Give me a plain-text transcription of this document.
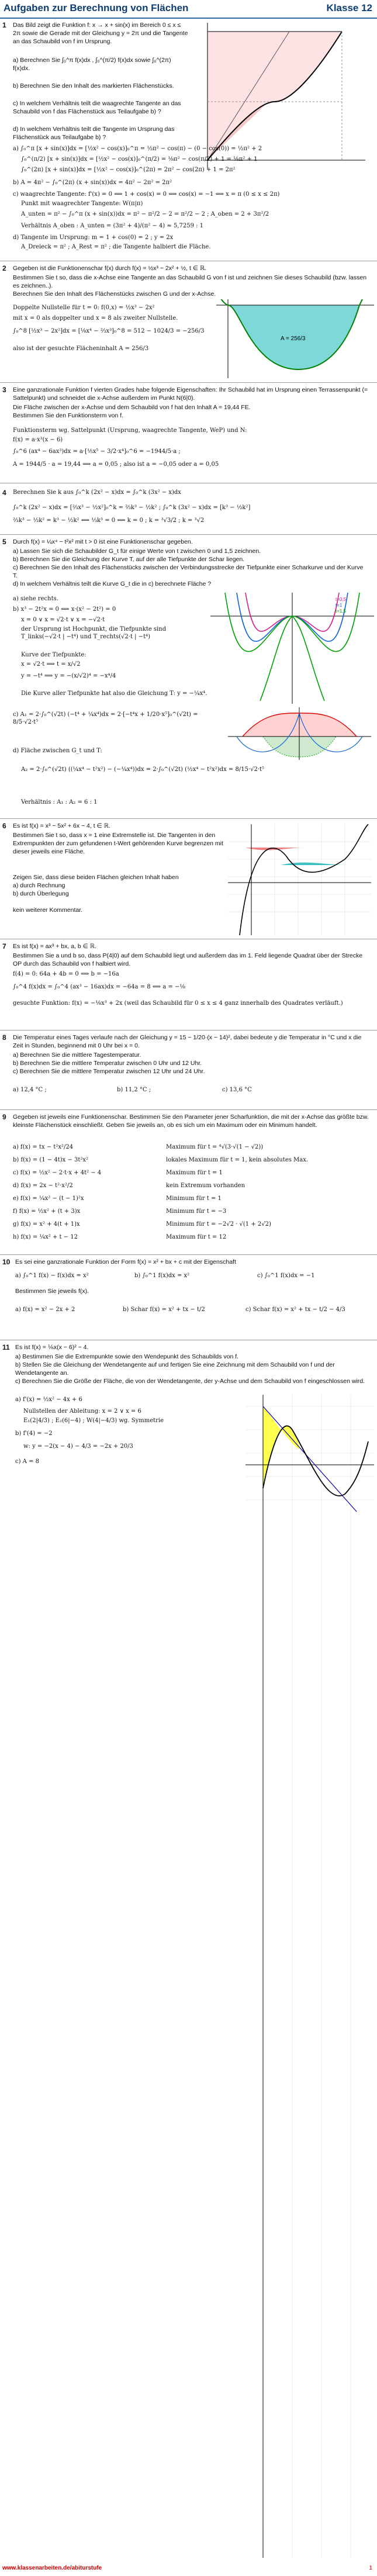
Aufgaben zur Berechnung von Flächen	Klasse 12
1 Das Bild zeigt die Funktion f: x → x + sin(x) im Bereich 0 ≤ x ≤ 2π sowie die Gerade mit der Gleichung y = 2π und die Tangente an das Schaubild von f im Ursprung.
a) Berechnen Sie ∫₀^π f(x)dx , ∫₀^(π/2) f(x)dx sowie ∫₀^(2π) f(x)dx.
b) Berechnen Sie den Inhalt des markierten Flächenstücks.
c) In welchem Verhältnis teilt die waagrechte Tangente an das Schaubild von f das Flächenstück aus Teilaufgabe b) ?
d) In welchem Verhältnis teilt die Tangente im Ursprung das Flächenstück aus Teilaufgabe b) ?
a) ∫₀^π [x + sin(x)]dx = [½x² − cos(x)]₀^π = ½π² − cos(π) − (0 − cos(0)) = ½π² + 2
∫₀^(π/2) [x + sin(x)]dx = [½x² − cos(x)]₀^(π/2) = ⅛π² − cos(π/2) + 1 = ⅛π² + 1
∫₀^(2π) [x + sin(x)]dx = [½x² − cos(x)]₀^(2π) = 2π² − cos(2π) + 1 = 2π²
b) A = 4π² − ∫₀^(2π) (x + sin(x))dx = 4π² − 2π² = 2π²
c) waagrechte Tangente: f'(x) = 0 ⟺ 1 + cos(x) = 0 ⟺ cos(x) = −1 ⟺ x = π (0 ≤ x ≤ 2π)
Punkt mit waagrechter Tangente: W(π|π)
A_unten = π² − ∫₀^π (x + sin(x))dx = π² − π²/2 − 2 = π²/2 − 2 ; A_oben = 2 + 3π²/2
Verhältnis A_oben : A_unten = (3π² + 4)/(π² − 4) ≈ 5,7259 : 1
d) Tangente im Ursprung: m = 1 + cos(0) = 2 ; y = 2x
A_Dreieck = π² ; A_Rest = π² ; die Tangente halbiert die Fläche.
2 Gegeben ist die Funktionenschar f(x) durch f(x) = ½x³ − 2x² + ½, t ∈ ℝ.
Bestimmen Sie t so, dass die x-Achse eine Tangente an das Schaubild G von f ist und zeichnen Sie dieses Schaubild (bzw. lassen es zeichnen..).
Berechnen Sie den Inhalt des Flächenstücks zwischen G und der x-Achse.
Doppelte Nullstelle für t = 0: f(0,x) = ½x³ − 2x²
mit x = 0 als doppelter und x = 8 als zweiter Nullstelle.
∫₀^8 [½x³ − 2x²]dx = [⅛x⁴ − ⅔x³]₀^8 = 512 − 1024/3 = −256/3
also ist der gesuchte Flächeninhalt A = 256/3
A = 256/3
3 Eine ganzrationale Funktion f vierten Grades habe folgende Eigenschaften: Ihr Schaubild hat im Ursprung einen Terrassenpunkt (= Sattelpunkt) und schneidet die x-Achse außerdem im Punkt N(6|0).
Die Fläche zwischen der x-Achse und dem Schaubild von f hat den Inhalt A = 19,44 FE.
Bestimmen Sie den Funktionsterm von f.
Funktionsterm wg. Sattelpunkt (Ursprung, waagrechte Tangente, WeP) und N:
f(x) = a·x³(x − 6)
∫₀^6 (ax⁴ − 6ax³)dx = a·[⅕x⁵ − 3/2·x⁴]₀^6 = −1944/5·a ;
A = 1944/5 · a = 19,44 ⟹ a = 0,05 ; also ist a = −0,05 oder a = 0,05
4 Berechnen Sie k aus ∫₀^k (2x² − x)dx = ∫₀^k (3x² − x)dx
∫₀^k (2x² − x)dx = [⅔x³ − ½x²]₀^k = ⅔k³ − ½k² ; ∫₀^k (3x² − x)dx = [k³ − ½k²]
⅔k³ − ½k² = k³ − ½k² ⟺ ⅓k³ = 0 ⟺ k = 0 ; k = ³√3/2 ; k = ³√2
5 Durch f(x) = ¼x⁴ − t²x² mit t > 0 ist eine Funktionenschar gegeben.
a) Lassen Sie sich die Schaubilder G_t für einige Werte von t zwischen 0 und 1,5 zeichnen.
b) Berechnen Sie die Gleichung der Kurve T, auf der alle Tiefpunkte der Schar liegen.
c) Berechnen Sie den Inhalt des Flächenstücks zwischen der Verbindungsstrecke der Tiefpunkte einer Scharkurve und der Kurve T.
d) In welchem Verhältnis teilt die Kurve G_t die in c) berechnete Fläche ?
a) siehe rechts.
b) x³ − 2t²x = 0 ⟺ x·(x² − 2t²) = 0
x = 0 ∨ x = √2·t ∨ x = −√2·t
der Ursprung ist Hochpunkt, die Tiefpunkte sind T_links(−√2·t | −t⁴) und T_rechts(√2·t | −t⁴)
Kurve der Tiefpunkte:
x = √2·t ⟹ t = x/√2
y = −t⁴ ⟹ y = −(x/√2)⁴ = −x⁴/4
Die Kurve aller Tiefpunkte hat also die Gleichung T: y = −¼x⁴.
t=0,5
t=1
t=1,5
c) A₁ = 2·∫₀^(√2t) (−t⁴ + ¼x⁴)dx = 2·[−t⁴x + 1/20·x⁵]₀^(√2t) = 8/5·√2·t⁵
d) Fläche zwischen G_t und T:
A₂ = 2·∫₀^(√2t) ((¼x⁴ − t²x²) − (−¼x⁴))dx = 2·∫₀^(√2t) (½x⁴ − t²x²)dx = 8/15·√2·t⁵
Verhältnis : A₁ : A₂ = 6 : 1
6 Es ist f(x) = x³ − 5x² + 6x − 4, t ∈ ℝ.
Bestimmen Sie t so, dass x = 1 eine Extremstelle ist. Die Tangenten in den Extrempunkten der zum gefundenen t-Wert gehörenden Kurve begrenzen mit dieser jeweils eine Fläche.
Zeigen Sie, dass diese beiden Flächen gleichen Inhalt haben
a) durch Rechnung
b) durch Überlegung
kein weiterer Kommentar.
7 Es ist f(x) = ax³ + bx, a, b ∈ ℝ.
Bestimmen Sie a und b so, dass P(4|0) auf dem Schaubild liegt und außerdem das im 1. Feld liegende Quadrat über der Strecke OP durch das Schaubild von f halbiert wird.
f(4) = 0: 64a + 4b = 0 ⟺ b = −16a
∫₀^4 f(x)dx = ∫₀^4 (ax³ − 16ax)dx = −64a = 8 ⟺ a = −⅛
gesuchte Funktion: f(x) = −⅛x³ + 2x (weil das Schaubild für 0 ≤ x ≤ 4 ganz innerhalb des Quadrates verläuft.)
8 Die Temperatur eines Tages verlaufe nach der Gleichung y = 15 − 1/20·(x − 14)², dabei bedeute y die Temperatur in °C und x die Zeit in Stunden, beginnend mit 0 Uhr bei x = 0.
a) Berechnen Sie die mittlere Tagestemperatur.
b) Berechnen Sie die mittlere Temperatur zwischen 0 Uhr und 12 Uhr.
c) Berechnen Sie die mittlere Temperatur zwischen 12 Uhr und 24 Uhr.
a) 12,4 °C ;	b) 11,2 °C ;	c) 13,6 °C
9 Gegeben ist jeweils eine Funktionenschar. Bestimmen Sie den Parameter jener Scharfunktion, die mit der x-Achse das größte bzw. kleinste Flächenstück einschließt. Geben Sie jeweils an, ob es sich um ein Maximum oder ein Minimum handelt.
a) f(x) = tx − t²x²/24	Maximum für t = ⁴√(3·√(1 − √2))
b) f(x) = (1 − 4t)x − 3t²x²	lokales Maximum für t = 1, kein absolutes Max.
c) f(x) = ½x² − 2·t·x + 4t² − 4	Maximum für t = 1
d) f(x) = 2x − t²·x²/2	kein Extremum vorhanden
e) f(x) = ¼x² − (t − 1)²x	Minimum für t = 1
f) f(x) = ½x² + (t + 3)x	Minimum für t = −3
g) f(x) = x² + 4(t + 1)x	Minimum für t = −2√2 · √(1 + 2√2)
h) f(x) = ¼x² + t − 12	Maximum für t = 12
10 Es sei eine ganzrationale Funktion der Form f(x) = x² + bx + c mit der Eigenschaft
a) ∫₀^1 f(x) − f(x)dx = x²	b) ∫₀^1 f(x)dx = x²	c) ∫₀^1 f(x)dx = −1
Bestimmen Sie jeweils f(x).
a) f(x) = x² − 2x + 2	b) Schar f(x) = x² + tx − t/2	c) Schar f(x) = x² + tx − t/2 − 4/3
11 Es ist f(x) = ⅙x(x − 6)² − 4.
a) Bestimmen Sie die Extrempunkte sowie den Wendepunkt des Schaubilds von f.
b) Stellen Sie die Gleichung der Wendetangente auf und fertigen Sie eine Zeichnung mit dem Schaubild von f und der Wendetangente an.
c) Berechnen Sie die Größe der Fläche, die von der Wendetangente, der y-Achse und dem Schaubild von f eingeschlossen wird.
a) f'(x) = ½x² − 4x + 6
Nullstellen der Ableitung: x = 2 ∨ x = 6
E₁(2|4/3) ; E₂(6|−4) ; W(4|−4/3) wg. Symmetrie
b) f'(4) = −2
w: y = −2(x − 4) − 4/3 = −2x + 20/3
c) A = 8
www.klassenarbeiten.de/abiturstufe	1
